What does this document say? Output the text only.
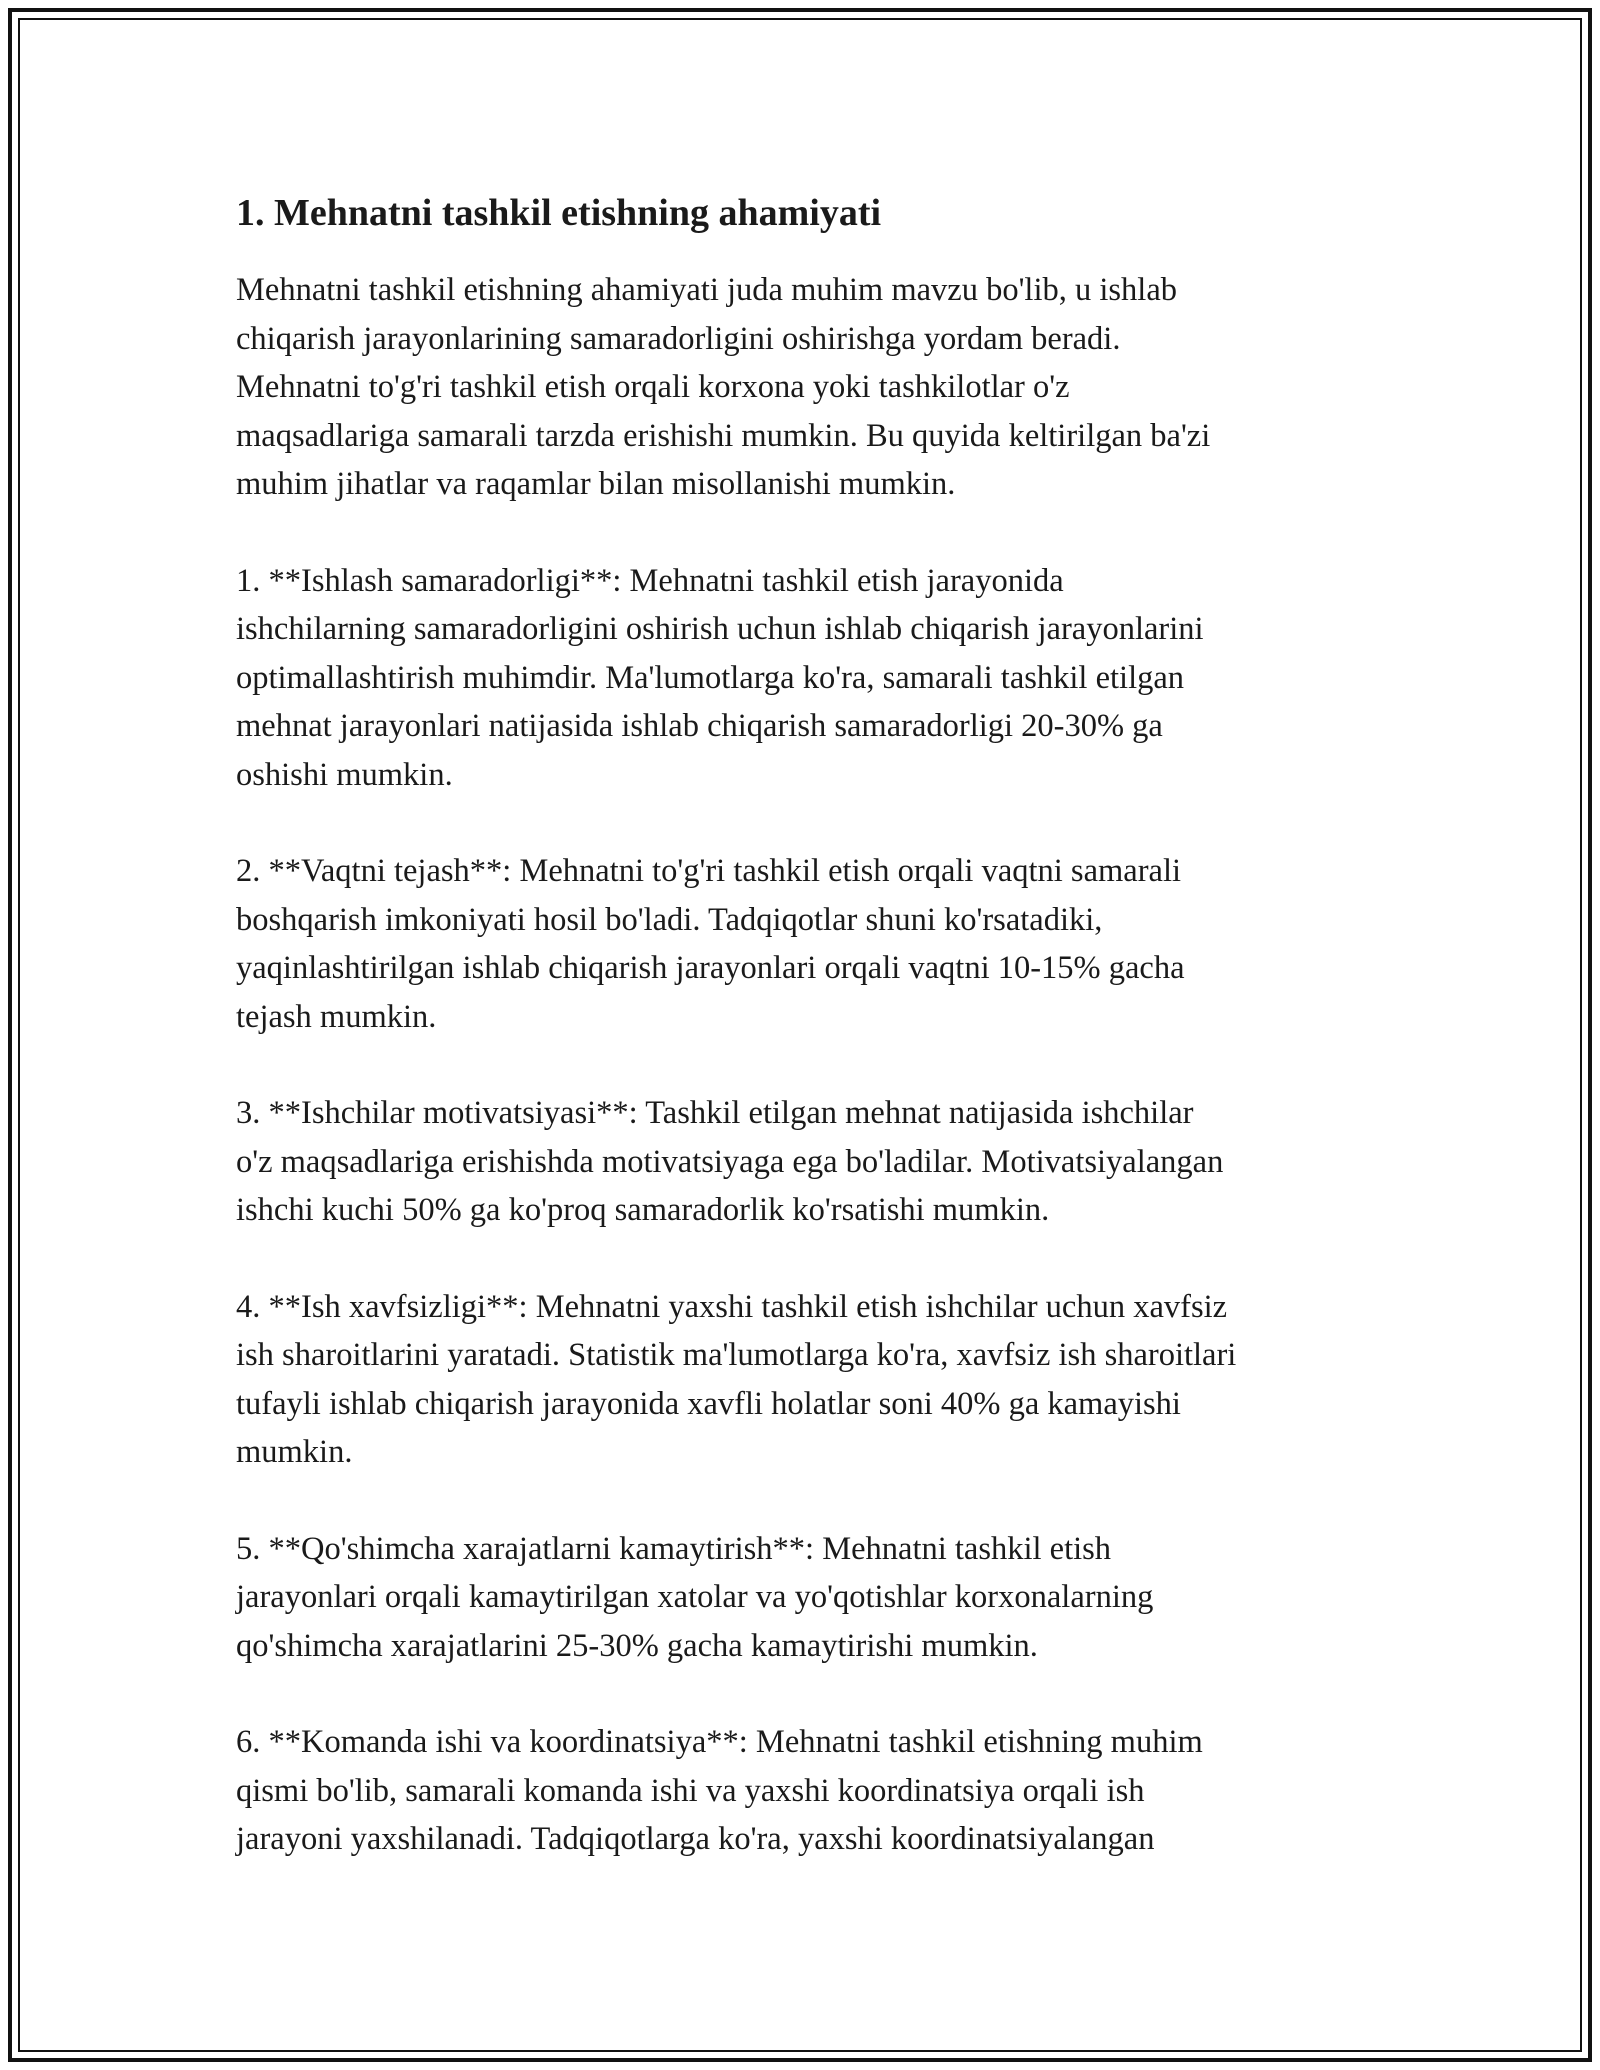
1. Mehnatni tashkil etishning ahamiyati

Mehnatni tashkil etishning ahamiyati juda muhim mavzu bo'lib, u ishlab
chiqarish jarayonlarining samaradorligini oshirishga yordam beradi.
Mehnatni to'g'ri tashkil etish orqali korxona yoki tashkilotlar o'z
maqsadlariga samarali tarzda erishishi mumkin. Bu quyida keltirilgan ba'zi
muhim jihatlar va raqamlar bilan misollanishi mumkin.

1. **Ishlash samaradorligi**: Mehnatni tashkil etish jarayonida
ishchilarning samaradorligini oshirish uchun ishlab chiqarish jarayonlarini
optimallashtirish muhimdir. Ma'lumotlarga ko'ra, samarali tashkil etilgan
mehnat jarayonlari natijasida ishlab chiqarish samaradorligi 20-30% ga
oshishi mumkin.

2. **Vaqtni tejash**: Mehnatni to'g'ri tashkil etish orqali vaqtni samarali
boshqarish imkoniyati hosil bo'ladi. Tadqiqotlar shuni ko'rsatadiki,
yaqinlashtirilgan ishlab chiqarish jarayonlari orqali vaqtni 10-15% gacha
tejash mumkin.

3. **Ishchilar motivatsiyasi**: Tashkil etilgan mehnat natijasida ishchilar
o'z maqsadlariga erishishda motivatsiyaga ega bo'ladilar. Motivatsiyalangan
ishchi kuchi 50% ga ko'proq samaradorlik ko'rsatishi mumkin.

4. **Ish xavfsizligi**: Mehnatni yaxshi tashkil etish ishchilar uchun xavfsiz
ish sharoitlarini yaratadi. Statistik ma'lumotlarga ko'ra, xavfsiz ish sharoitlari
tufayli ishlab chiqarish jarayonida xavfli holatlar soni 40% ga kamayishi
mumkin.

5. **Qo'shimcha xarajatlarni kamaytirish**: Mehnatni tashkil etish
jarayonlari orqali kamaytirilgan xatolar va yo'qotishlar korxonalarning
qo'shimcha xarajatlarini 25-30% gacha kamaytirishi mumkin.

6. **Komanda ishi va koordinatsiya**: Mehnatni tashkil etishning muhim
qismi bo'lib, samarali komanda ishi va yaxshi koordinatsiya orqali ish
jarayoni yaxshilanadi. Tadqiqotlarga ko'ra, yaxshi koordinatsiyalangan
